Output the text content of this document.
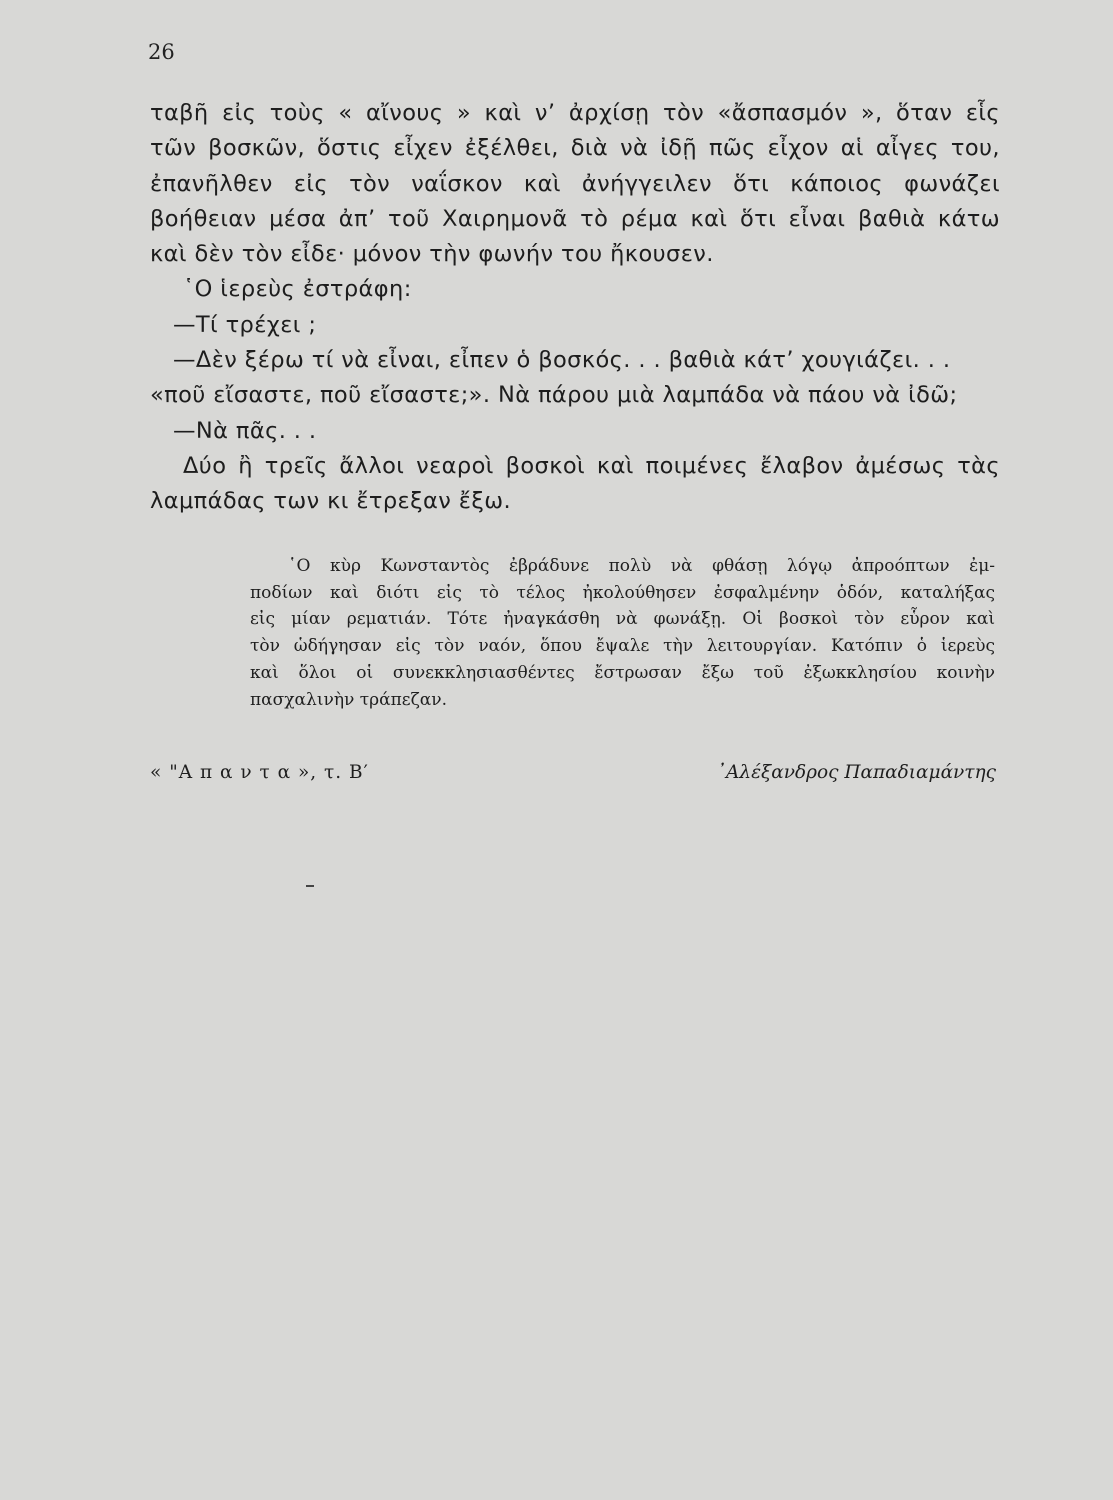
26

ταβῆ εἰς τοὺς « αἴνους » καὶ ν’ ἀρχίσῃ τὸν «ἄσπασμόν », ὅταν εἷς
τῶν βοσκῶν, ὅστις εἶχεν ἐξέλθει, διὰ νὰ ἰδῇ πῶς εἶχον αἱ αἶγες του,
ἐπανῆλθεν εἰς τὸν ναΐσκον καὶ ἀνήγγειλεν ὅτι κάποιος φωνάζει
βοήθειαν μέσα ἀπ’ τοῦ Χαιρημονᾶ τὸ ρέμα καὶ ὅτι εἶναι βαθιὰ κάτω
καὶ δὲν τὸν εἶδε· μόνον τὴν φωνήν του ἤκουσεν.

῾Ο ἱερεὺς ἐστράφη:

—Τί τρέχει ;

—Δὲν ξέρω τί νὰ εἶναι, εἶπεν ὁ βοσκός. . . βαθιὰ κάτ’ χουγιάζει. . .
«ποῦ εἴσαστε, ποῦ εἴσαστε;». Νὰ πάρου μιὰ λαμπάδα νὰ πάου νὰ ἰδῶ;

—Νὰ πᾶς. . .

Δύο ἢ τρεῖς ἄλλοι νεαροὶ βοσκοὶ καὶ ποιμένες ἔλαβον ἀμέσως τὰς
λαμπάδας των κι ἔτρεξαν ἔξω.

῾Ο κὺρ Κωνσταντὸς ἐβράδυνε πολὺ νὰ φθάσῃ λόγῳ ἀπροόπτων ἐμ-
ποδίων καὶ διότι εἰς τὸ τέλος ἠκολούθησεν ἐσφαλμένην ὁδόν, καταλήξας
εἰς μίαν ρεματιάν. Τότε ἠναγκάσθη νὰ φωνάξῃ. Οἱ βοσκοὶ τὸν εὗρον καὶ
τὸν ὡδήγησαν εἰς τὸν ναόν, ὅπου ἔψαλε τὴν λειτουργίαν. Κατόπιν ὁ ἱερεὺς
καὶ ὅλοι οἱ συνεκκλησιασθέντες ἔστρωσαν ἔξω τοῦ ἐξωκκλησίου κοινὴν
πασχαλινὴν τράπεζαν.
« "Α π α ν τ α », τ. Β′	᾿Αλέξανδρος Παπαδιαμάντης
